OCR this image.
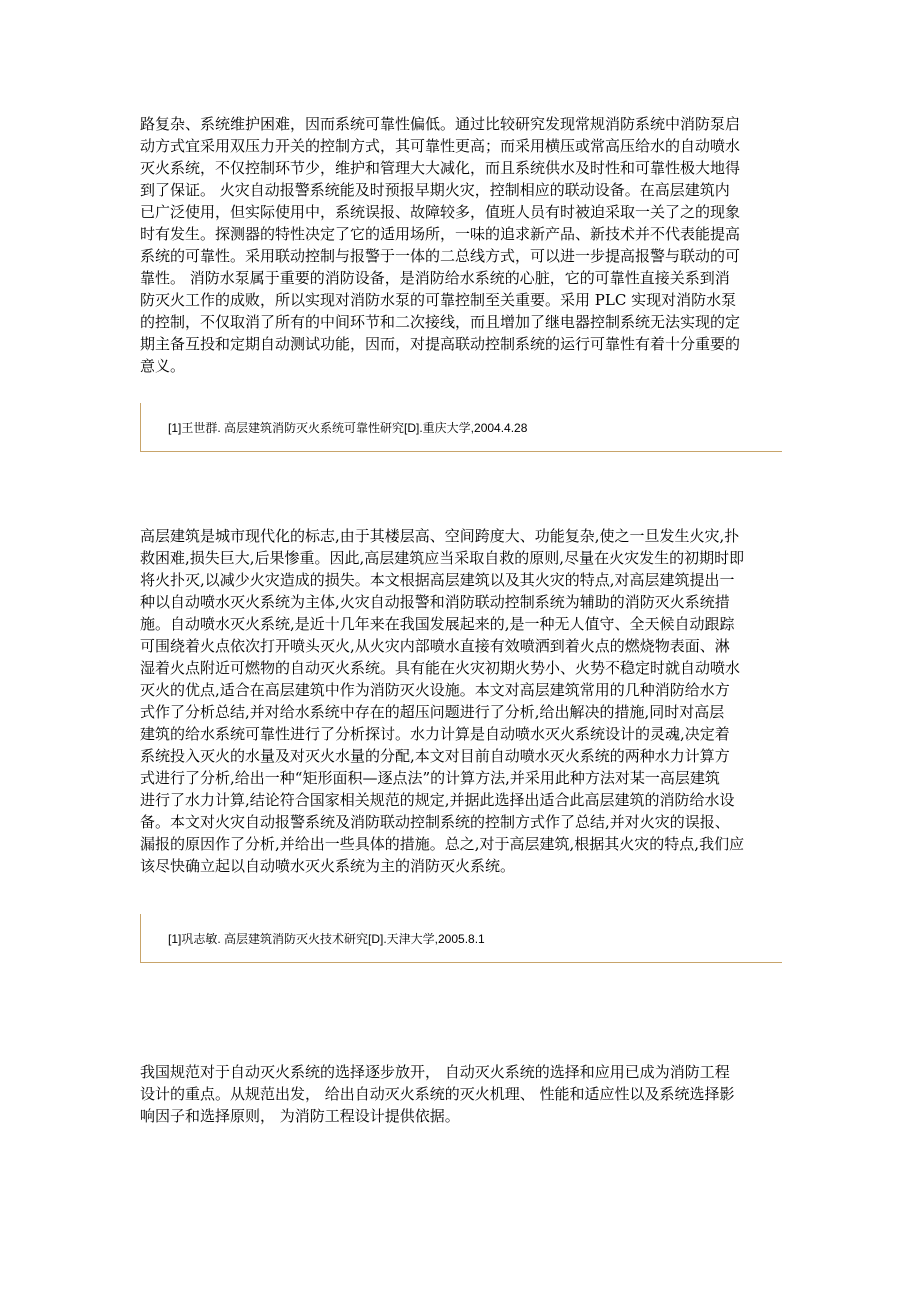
路复杂、系统维护困难，因而系统可靠性偏低。通过比较研究发现常规消防系统中消防泵启
动方式宜采用双压力开关的控制方式，其可靠性更高；而采用横压或常高压给水的自动喷水
灭火系统，不仅控制环节少，维护和管理大大减化，而且系统供水及时性和可靠性极大地得
到了保证。 火灾自动报警系统能及时预报早期火灾，控制相应的联动设备。在高层建筑内
已广泛使用，但实际使用中，系统误报、故障较多，值班人员有时被迫采取一关了之的现象
时有发生。探测器的特性决定了它的适用场所，一味的追求新产品、新技术并不代表能提高
系统的可靠性。采用联动控制与报警于一体的二总线方式，可以进一步提高报警与联动的可
靠性。 消防水泵属于重要的消防设备，是消防给水系统的心脏，它的可靠性直接关系到消
防灭火工作的成败，所以实现对消防水泵的可靠控制至关重要。采用 PLC 实现对消防水泵
的控制，不仅取消了所有的中间环节和二次接线，而且增加了继电器控制系统无法实现的定
期主备互投和定期自动测试功能，因而，对提高联动控制系统的运行可靠性有着十分重要的
意义。
[1]王世群. 高层建筑消防灭火系统可靠性研究[D].重庆大学,2004.4.28
高层建筑是城市现代化的标志,由于其楼层高、空间跨度大、功能复杂,使之一旦发生火灾,扑
救困难,损失巨大,后果惨重。因此,高层建筑应当采取自救的原则,尽量在火灾发生的初期时即
将火扑灭,以减少火灾造成的损失。本文根据高层建筑以及其火灾的特点,对高层建筑提出一
种以自动喷水灭火系统为主体,火灾自动报警和消防联动控制系统为辅助的消防灭火系统措
施。自动喷水灭火系统,是近十几年来在我国发展起来的,是一种无人值守、全天候自动跟踪
可围绕着火点依次打开喷头灭火,从火灾内部喷水直接有效喷洒到着火点的燃烧物表面、淋
湿着火点附近可燃物的自动灭火系统。具有能在火灾初期火势小、火势不稳定时就自动喷水
灭火的优点,适合在高层建筑中作为消防灭火设施。本文对高层建筑常用的几种消防给水方
式作了分析总结,并对给水系统中存在的超压问题进行了分析,给出解决的措施,同时对高层
建筑的给水系统可靠性进行了分析探讨。水力计算是自动喷水灭火系统设计的灵魂,决定着
系统投入灭火的水量及对灭火水量的分配,本文对目前自动喷水灭火系统的两种水力计算方
式进行了分析,给出一种“矩形面积—逐点法”的计算方法,并采用此种方法对某一高层建筑
进行了水力计算,结论符合国家相关规范的规定,并据此选择出适合此高层建筑的消防给水设
备。本文对火灾自动报警系统及消防联动控制系统的控制方式作了总结,并对火灾的误报、
漏报的原因作了分析,并给出一些具体的措施。总之,对于高层建筑,根据其火灾的特点,我们应
该尽快确立起以自动喷水灭火系统为主的消防灭火系统。
[1]巩志敏. 高层建筑消防灭火技术研究[D].天津大学,2005.8.1
我国规范对于自动灭火系统的选择逐步放开， 自动灭火系统的选择和应用已成为消防工程
设计的重点。从规范出发， 给出自动灭火系统的灭火机理、 性能和适应性以及系统选择影
响因子和选择原则， 为消防工程设计提供依据。
